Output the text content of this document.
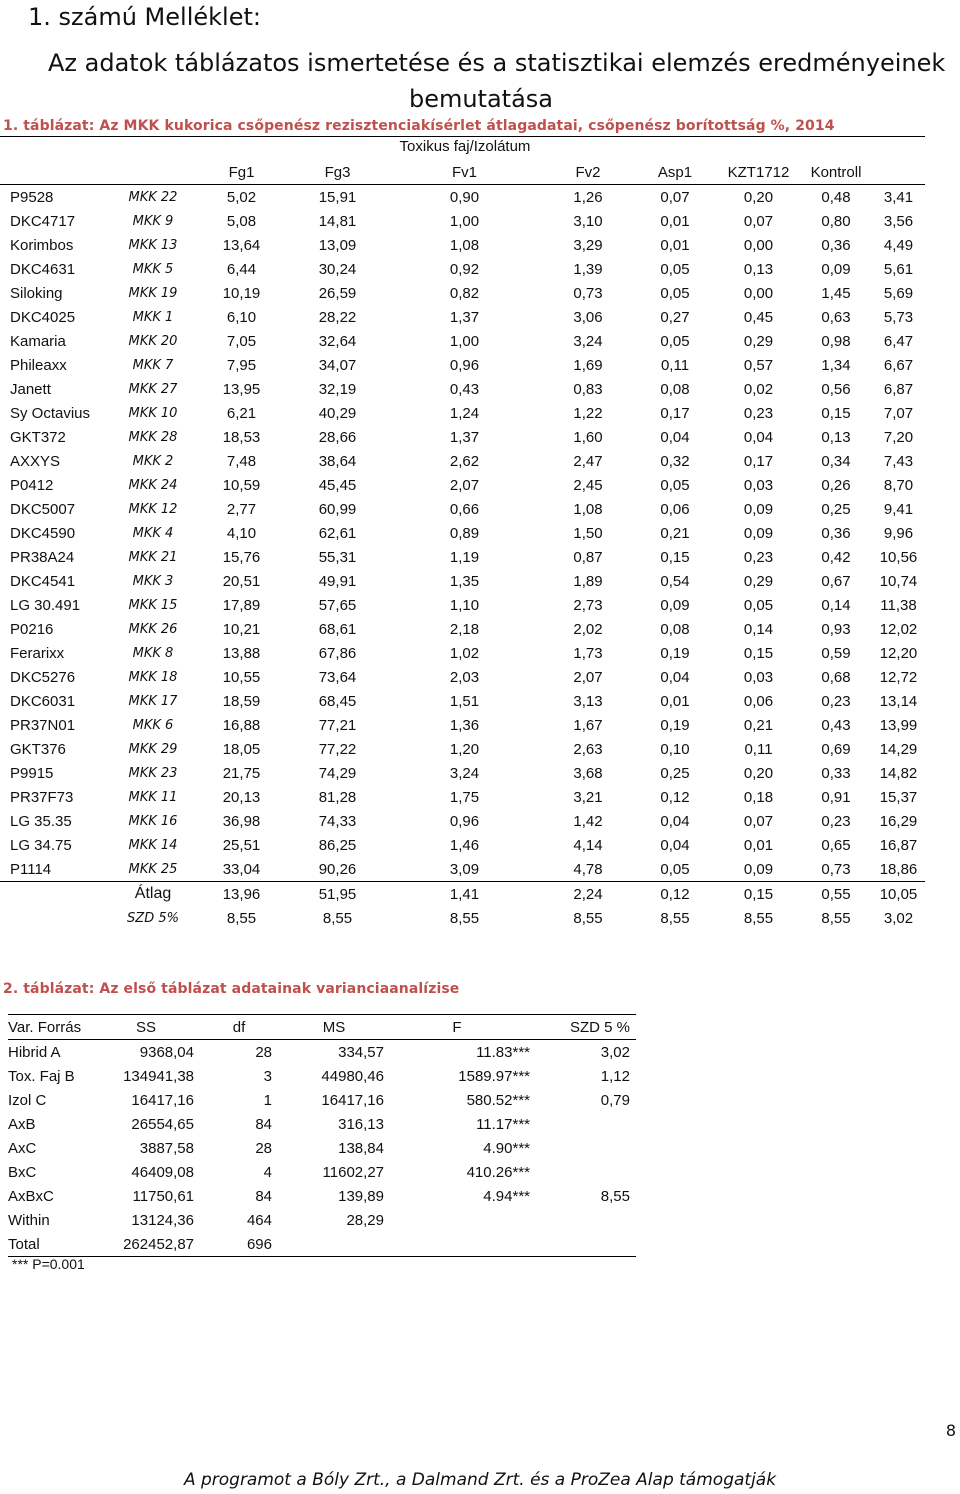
1. számú Melléklet:
Az adatok táblázatos ismertetése és a statisztikai elemzés eredményeinek
bemutatása

1. táblázat: Az MKK kukorica csőpenész rezisztenciakísérlet átlagadatai, csőpenész borítottság %, 2014

		Fg1	Fg3	Fv1	Fv2	Asp1	KZT1712	Kontroll	
P9528	MKK 22	5,02	15,91	0,90	1,26	0,07	0,20	0,48	3,41
DKC4717	MKK 9	5,08	14,81	1,00	3,10	0,01	0,07	0,80	3,56
Korimbos	MKK 13	13,64	13,09	1,08	3,29	0,01	0,00	0,36	4,49
DKC4631	MKK 5	6,44	30,24	0,92	1,39	0,05	0,13	0,09	5,61
Siloking	MKK 19	10,19	26,59	0,82	0,73	0,05	0,00	1,45	5,69
DKC4025	MKK 1	6,10	28,22	1,37	3,06	0,27	0,45	0,63	5,73
Kamaria	MKK 20	7,05	32,64	1,00	3,24	0,05	0,29	0,98	6,47
Phileaxx	MKK 7	7,95	34,07	0,96	1,69	0,11	0,57	1,34	6,67
Janett	MKK 27	13,95	32,19	0,43	0,83	0,08	0,02	0,56	6,87
Sy Octavius	MKK 10	6,21	40,29	1,24	1,22	0,17	0,23	0,15	7,07
GKT372	MKK 28	18,53	28,66	1,37	1,60	0,04	0,04	0,13	7,20
AXXYS	MKK 2	7,48	38,64	2,62	2,47	0,32	0,17	0,34	7,43
P0412	MKK 24	10,59	45,45	2,07	2,45	0,05	0,03	0,26	8,70
DKC5007	MKK 12	2,77	60,99	0,66	1,08	0,06	0,09	0,25	9,41
DKC4590	MKK 4	4,10	62,61	0,89	1,50	0,21	0,09	0,36	9,96
PR38A24	MKK 21	15,76	55,31	1,19	0,87	0,15	0,23	0,42	10,56
DKC4541	MKK 3	20,51	49,91	1,35	1,89	0,54	0,29	0,67	10,74
LG 30.491	MKK 15	17,89	57,65	1,10	2,73	0,09	0,05	0,14	11,38
P0216	MKK 26	10,21	68,61	2,18	2,02	0,08	0,14	0,93	12,02
Ferarixx	MKK 8	13,88	67,86	1,02	1,73	0,19	0,15	0,59	12,20
DKC5276	MKK 18	10,55	73,64	2,03	2,07	0,04	0,03	0,68	12,72
DKC6031	MKK 17	18,59	68,45	1,51	3,13	0,01	0,06	0,23	13,14
PR37N01	MKK 6	16,88	77,21	1,36	1,67	0,19	0,21	0,43	13,99
GKT376	MKK 29	18,05	77,22	1,20	2,63	0,10	0,11	0,69	14,29
P9915	MKK 23	21,75	74,29	3,24	3,68	0,25	0,20	0,33	14,82
PR37F73	MKK 11	20,13	81,28	1,75	3,21	0,12	0,18	0,91	15,37
LG 35.35	MKK 16	36,98	74,33	0,96	1,42	0,04	0,07	0,23	16,29
LG 34.75	MKK 14	25,51	86,25	1,46	4,14	0,04	0,01	0,65	16,87
P1114	MKK 25	33,04	90,26	3,09	4,78	0,05	0,09	0,73	18,86
	Átlag	13,96	51,95	1,41	2,24	0,12	0,15	0,55	10,05
	SZD 5%	8,55	8,55	8,55	8,55	8,55	8,55	8,55	3,02
Toxikus faj/Izolátum

2. táblázat: Az első táblázat adatainak varianciaanalízise

Var. Forrás	SS	df	MS	F	SZD 5 %
Hibrid A	9368,04	28	334,57	11.83***	3,02
Tox. Faj B	134941,38	3	44980,46	1589.97***	1,12
Izol C	16417,16	1	16417,16	580.52***	0,79
AxB	26554,65	84	316,13	11.17***	
AxC	3887,58	28	138,84	4.90***	
BxC	46409,08	4	11602,27	410.26***	
AxBxC	11750,61	84	139,89	4.94***	8,55
Within	13124,36	464	28,29		
Total	262452,87	696			
*** P=0.001
8
A programot a Bóly Zrt., a Dalmand Zrt. és a ProZea Alap támogatják
